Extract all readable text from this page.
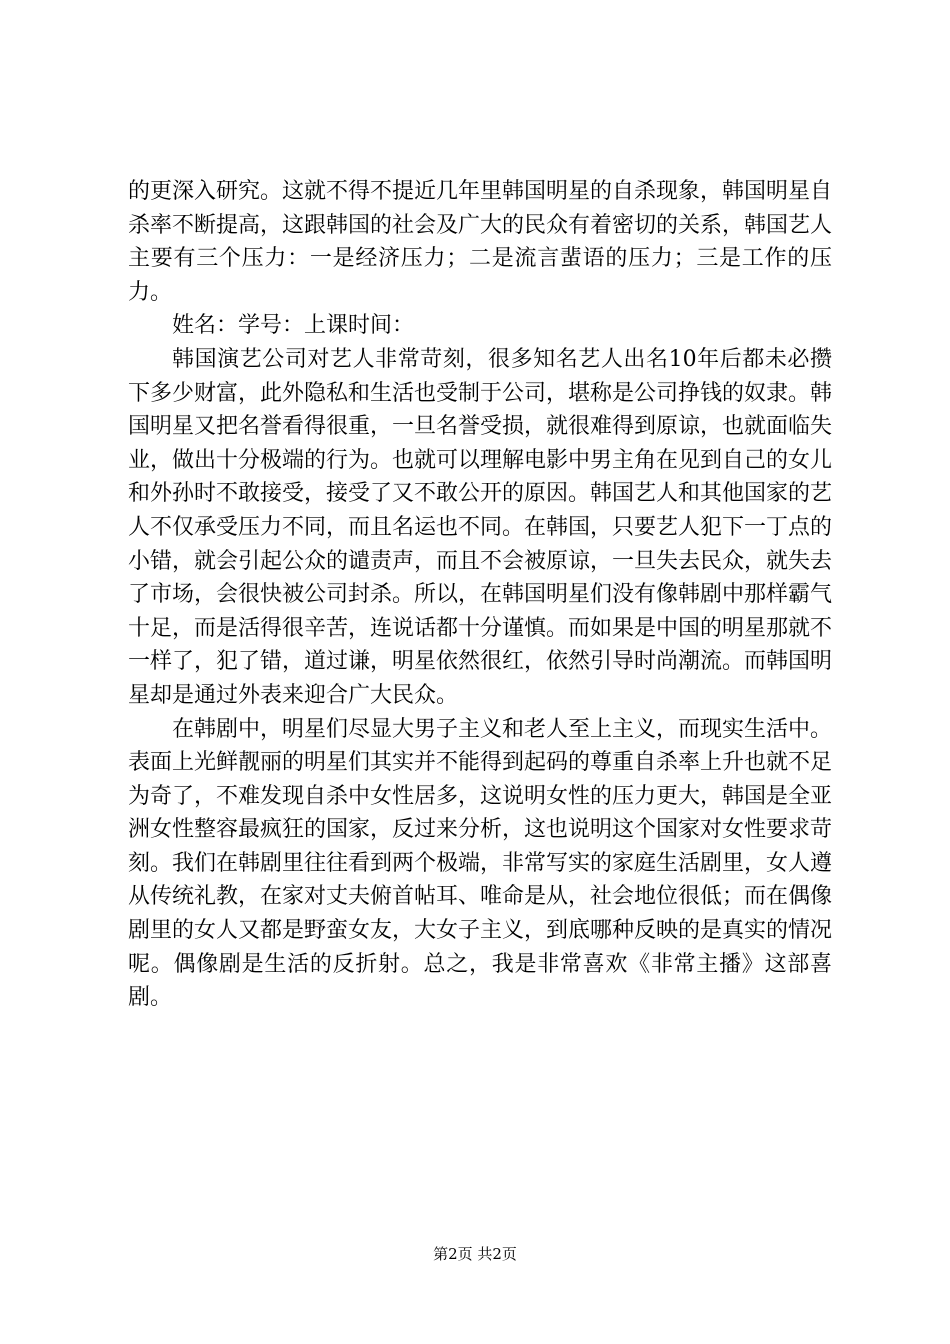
的更深入研究。这就不得不提近几年里韩国明星的自杀现象，韩国明星自杀率不断提高，这跟韩国的社会及广大的民众有着密切的关系，韩国艺人主要有三个压力：一是经济压力；二是流言蜚语的压力；三是工作的压力。

姓名：学号：上课时间：

韩国演艺公司对艺人非常苛刻，很多知名艺人出名10年后都未必攒下多少财富，此外隐私和生活也受制于公司，堪称是公司挣钱的奴隶。韩国明星又把名誉看得很重，一旦名誉受损，就很难得到原谅，也就面临失业，做出十分极端的行为。也就可以理解电影中男主角在见到自己的女儿和外孙时不敢接受，接受了又不敢公开的原因。韩国艺人和其他国家的艺人不仅承受压力不同，而且名运也不同。在韩国，只要艺人犯下一丁点的小错，就会引起公众的谴责声，而且不会被原谅，一旦失去民众，就失去了市场，会很快被公司封杀。所以，在韩国明星们没有像韩剧中那样霸气十足，而是活得很辛苦，连说话都十分谨慎。而如果是中国的明星那就不一样了，犯了错，道过谦，明星依然很红，依然引导时尚潮流。而韩国明星却是通过外表来迎合广大民众。

在韩剧中，明星们尽显大男子主义和老人至上主义，而现实生活中。表面上光鲜靓丽的明星们其实并不能得到起码的尊重自杀率上升也就不足为奇了，不难发现自杀中女性居多，这说明女性的压力更大，韩国是全亚洲女性整容最疯狂的国家，反过来分析，这也说明这个国家对女性要求苛刻。我们在韩剧里往往看到两个极端，非常写实的家庭生活剧里，女人遵从传统礼教，在家对丈夫俯首帖耳、唯命是从，社会地位很低；而在偶像剧里的女人又都是野蛮女友，大女子主义，到底哪种反映的是真实的情况呢。偶像剧是生活的反折射。总之，我是非常喜欢《非常主播》这部喜剧。

第2页 共2页
